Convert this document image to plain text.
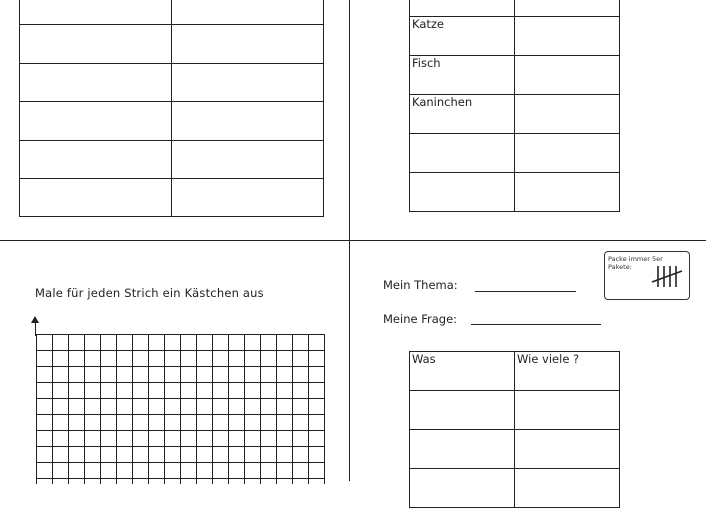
Katze	
Fisch	
Kaninchen	

Male für jeden Strich ein Kästchen aus
Mein Thema:
Meine Frage:
Packe immer 5er Pakete:
Was	Wie viele ?
